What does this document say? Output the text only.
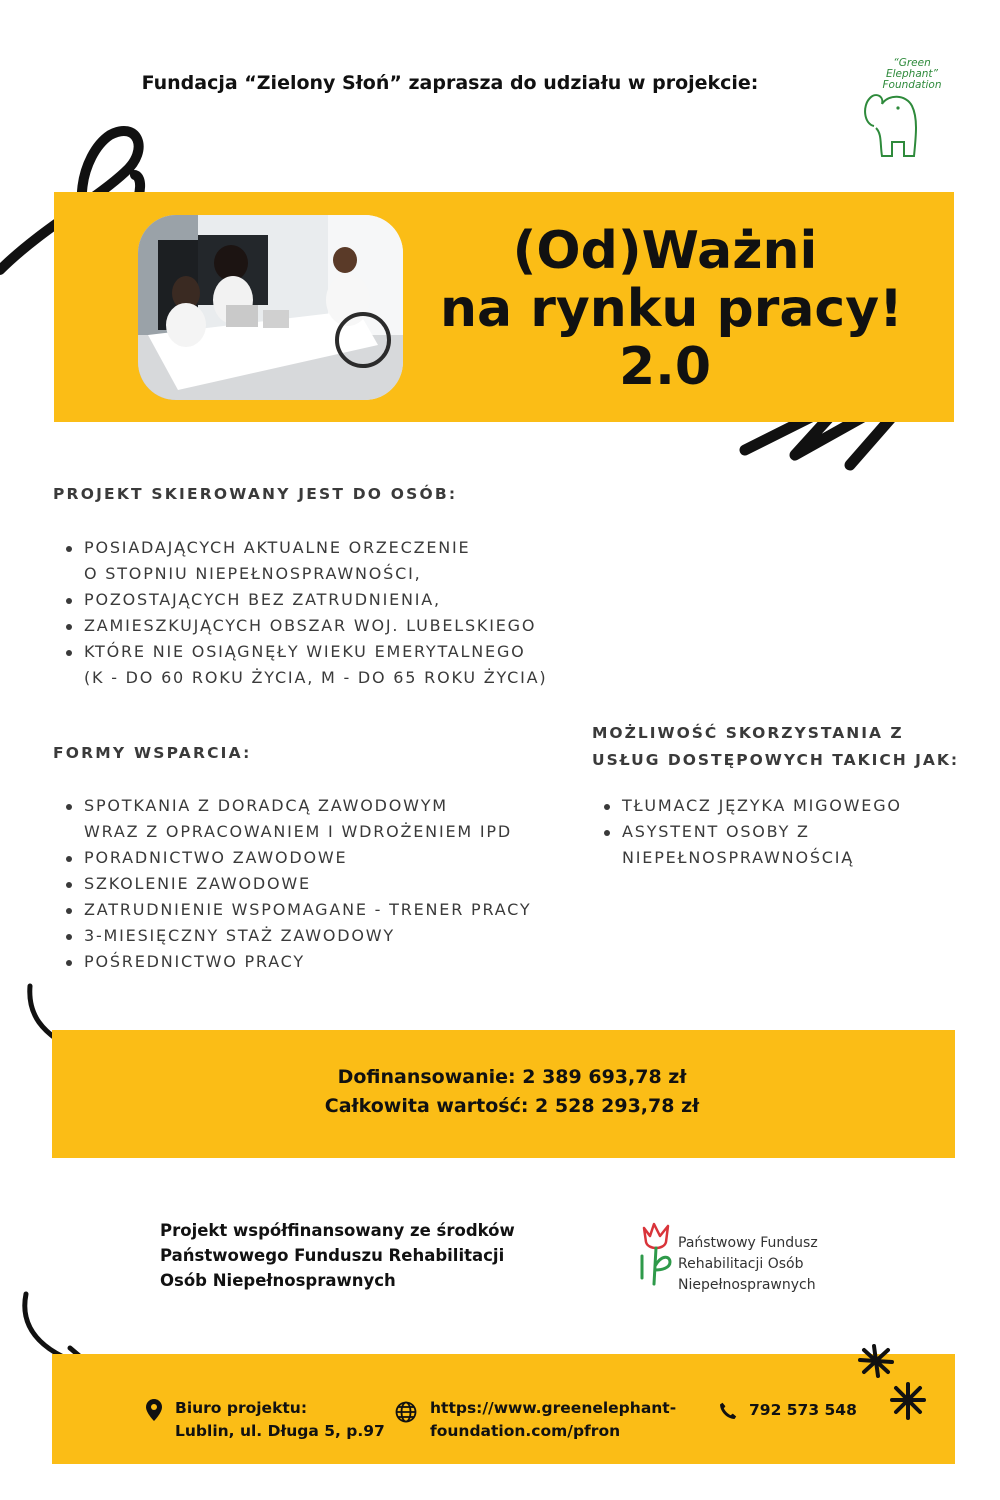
Fundacja “Zielony Słoń” zaprasza do udziału w projekcie:
“Green
Elephant”
Foundation
(Od)Ważni
na rynku pracy!
2.0
PROJEKT SKIEROWANY JEST DO OSÓB:
POSIADAJĄCYCH AKTUALNE ORZECZENIE
O STOPNIU NIEPEŁNOSPRAWNOŚCI,
POZOSTAJĄCYCH BEZ ZATRUDNIENIA,
ZAMIESZKUJĄCYCH OBSZAR WOJ. LUBELSKIEGO
KTÓRE NIE OSIĄGNĘŁY WIEKU EMERYTALNEGO
(K - DO 60 ROKU ŻYCIA, M - DO 65 ROKU ŻYCIA)
FORMY WSPARCIA:
SPOTKANIA Z DORADCĄ ZAWODOWYM
WRAZ Z OPRACOWANIEM I WDROŻENIEM IPD
PORADNICTWO ZAWODOWE
SZKOLENIE ZAWODOWE
ZATRUDNIENIE WSPOMAGANE - TRENER PRACY
3-MIESIĘCZNY STAŻ ZAWODOWY
POŚREDNICTWO PRACY
MOŻLIWOŚĆ SKORZYSTANIA Z
USŁUG DOSTĘPOWYCH TAKICH JAK:
TŁUMACZ JĘZYKA MIGOWEGO
ASYSTENT OSOBY Z
NIEPEŁNOSPRAWNOŚCIĄ
Dofinansowanie: 2 389 693,78 zł
Całkowita wartość: 2 528 293,78 zł
Projekt współfinansowany ze środków
Państwowego Funduszu Rehabilitacji
Osób Niepełnosprawnych
Państwowy Fundusz
Rehabilitacji Osób
Niepełnosprawnych
Biuro projektu:
Lublin, ul. Długa 5, p.97
https://www.greenelephant-
foundation.com/pfron
792 573 548
